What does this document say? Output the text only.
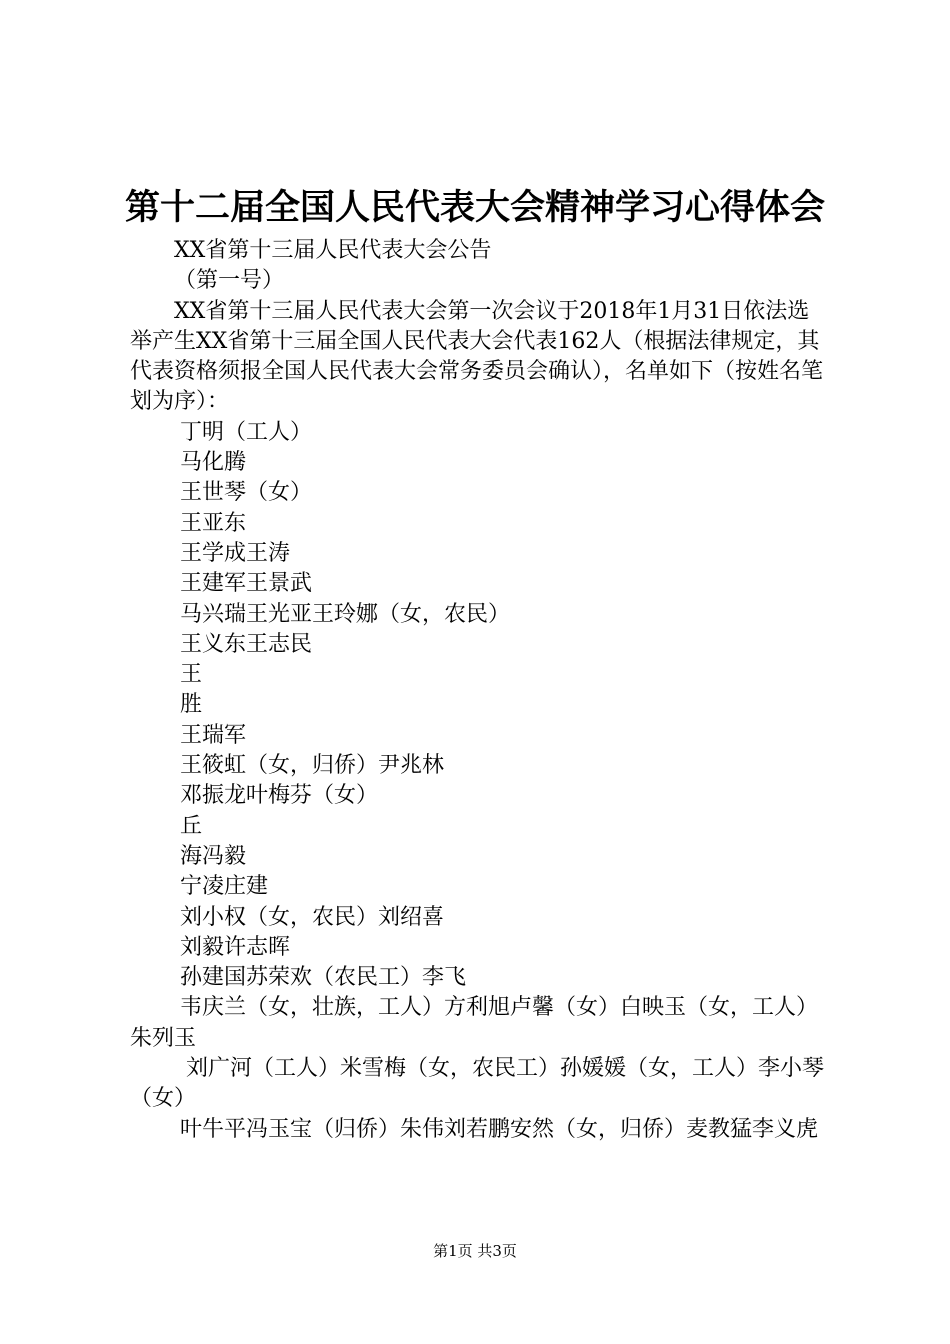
第十二届全国人民代表大会精神学习心得体会

XX省第十三届人民代表大会公告

（第一号）

XX省第十三届人民代表大会第一次会议于2018年1月31日依法选举产生XX省第十三届全国人民代表大会代表162人（根据法律规定，其代表资格须报全国人民代表大会常务委员会确认），名单如下（按姓名笔划为序）：

丁明（工人）

马化腾

王世琴（女）

王亚东

王学成王涛

王建军王景武

马兴瑞王光亚王玲娜（女，农民）

王义东王志民

王

胜

王瑞军

王筱虹（女，归侨）尹兆林

邓振龙叶梅芬（女）

丘

海冯毅

宁凌庄建

刘小权（女，农民）刘绍喜

刘毅许志晖

孙建国苏荣欢（农民工）李飞

韦庆兰（女，壮族，工人）方利旭卢馨（女）白映玉（女，工人）朱列玉

刘广河（工人）米雪梅（女，农民工）孙媛媛（女，工人）李小琴（女）

叶牛平冯玉宝（归侨）朱伟刘若鹏安然（女，归侨）麦教猛李义虎

第1页 共3页
